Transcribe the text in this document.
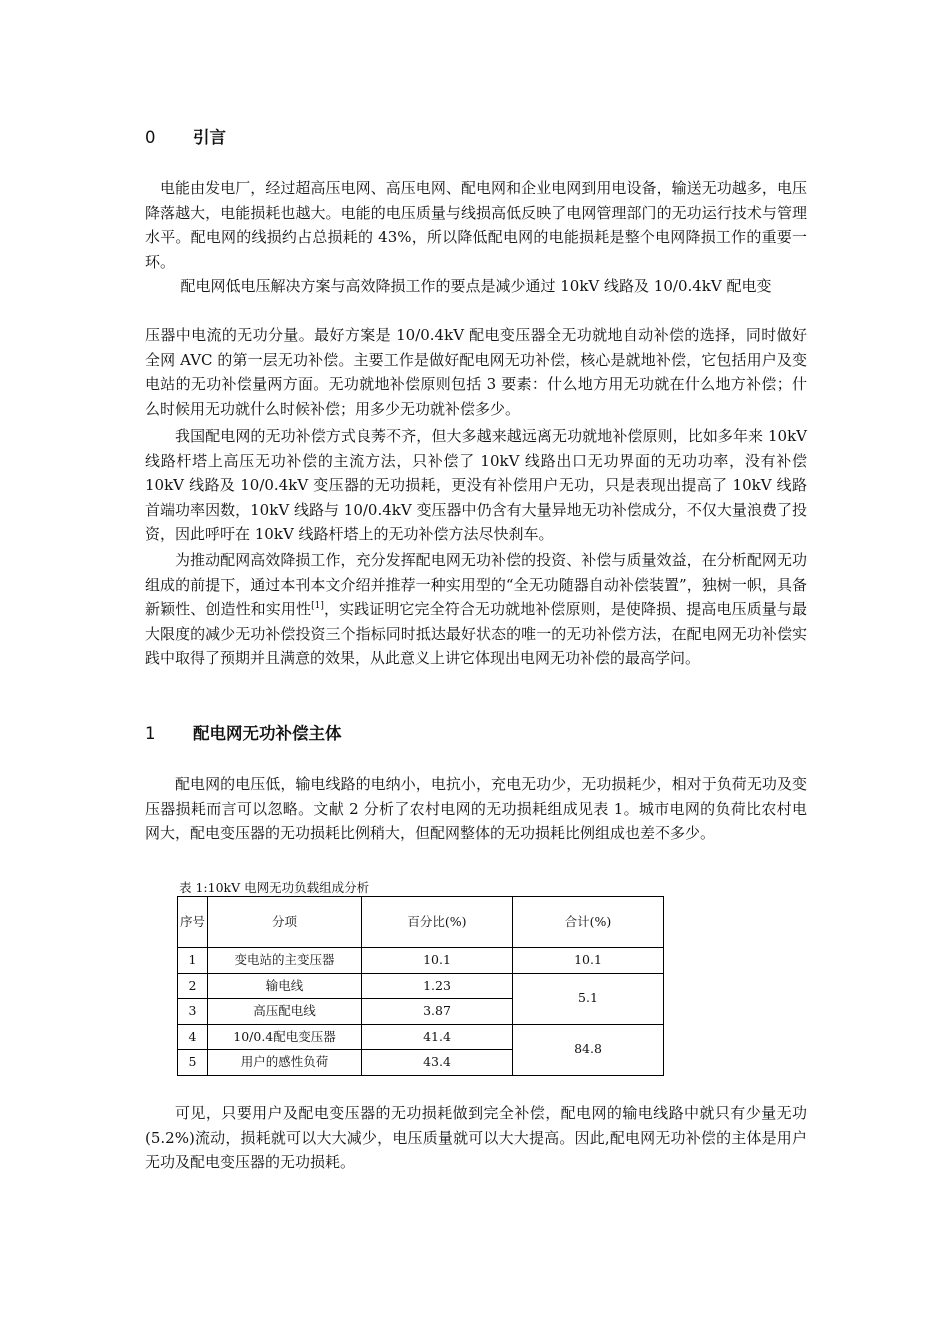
0 引言

电能由发电厂，经过超高压电网、高压电网、配电网和企业电网到用电设备，输送无功越多，电压降落越大，电能损耗也越大。电能的电压质量与线损高低反映了电网管理部门的无功运行技术与管理水平。配电网的线损约占总损耗的 43%，所以降低配电网的电能损耗是整个电网降损工作的重要一环。

配电网低电压解决方案与高效降损工作的要点是减少通过 10kV 线路及 10/0.4kV 配电变

压器中电流的无功分量。最好方案是 10/0.4kV 配电变压器全无功就地自动补偿的选择，同时做好全网 AVC 的第一层无功补偿。主要工作是做好配电网无功补偿，核心是就地补偿，它包括用户及变电站的无功补偿量两方面。无功就地补偿原则包括 3 要素：什么地方用无功就在什么地方补偿；什么时候用无功就什么时候补偿；用多少无功就补偿多少。

我国配电网的无功补偿方式良莠不齐，但大多越来越远离无功就地补偿原则，比如多年来 10kV 线路杆塔上高压无功补偿的主流方法，只补偿了 10kV 线路出口无功界面的无功功率，没有补偿 10kV 线路及 10/0.4kV 变压器的无功损耗，更没有补偿用户无功，只是表现出提高了 10kV 线路首端功率因数，10kV 线路与 10/0.4kV 变压器中仍含有大量异地无功补偿成分，不仅大量浪费了投资，因此呼吁在 10kV 线路杆塔上的无功补偿方法尽快刹车。

为推动配网高效降损工作，充分发挥配电网无功补偿的投资、补偿与质量效益，在分析配网无功组成的前提下，通过本刊本文介绍并推荐一种实用型的“全无功随器自动补偿装置”，独树一帜，具备新颖性、创造性和实用性[1]，实践证明它完全符合无功就地补偿原则，是使降损、提高电压质量与最大限度的减少无功补偿投资三个指标同时抵达最好状态的唯一的无功补偿方法，在配电网无功补偿实践中取得了预期并且满意的效果，从此意义上讲它体现出电网无功补偿的最高学问。

1 配电网无功补偿主体

配电网的电压低，输电线路的电纳小，电抗小，充电无功少，无功损耗少，相对于负荷无功及变压器损耗而言可以忽略。文献 2 分析了农村电网的无功损耗组成见表 1。城市电网的负荷比农村电网大，配电变压器的无功损耗比例稍大，但配网整体的无功损耗比例组成也差不多少。

表 1:10kV 电网无功负载组成分析

序号	分项	百分比(%)	合计(%)
1	变电站的主变压器	10.1	10.1
2	输电线	1.23	5.1
3	高压配电线	3.87	
4	10/0.4配电变压器	41.4	84.8
5	用户的感性负荷	43.4	

可见，只要用户及配电变压器的无功损耗做到完全补偿，配电网的输电线路中就只有少量无功(5.2%)流动，损耗就可以大大减少，电压质量就可以大大提高。因此,配电网无功补偿的主体是用户无功及配电变压器的无功损耗。
